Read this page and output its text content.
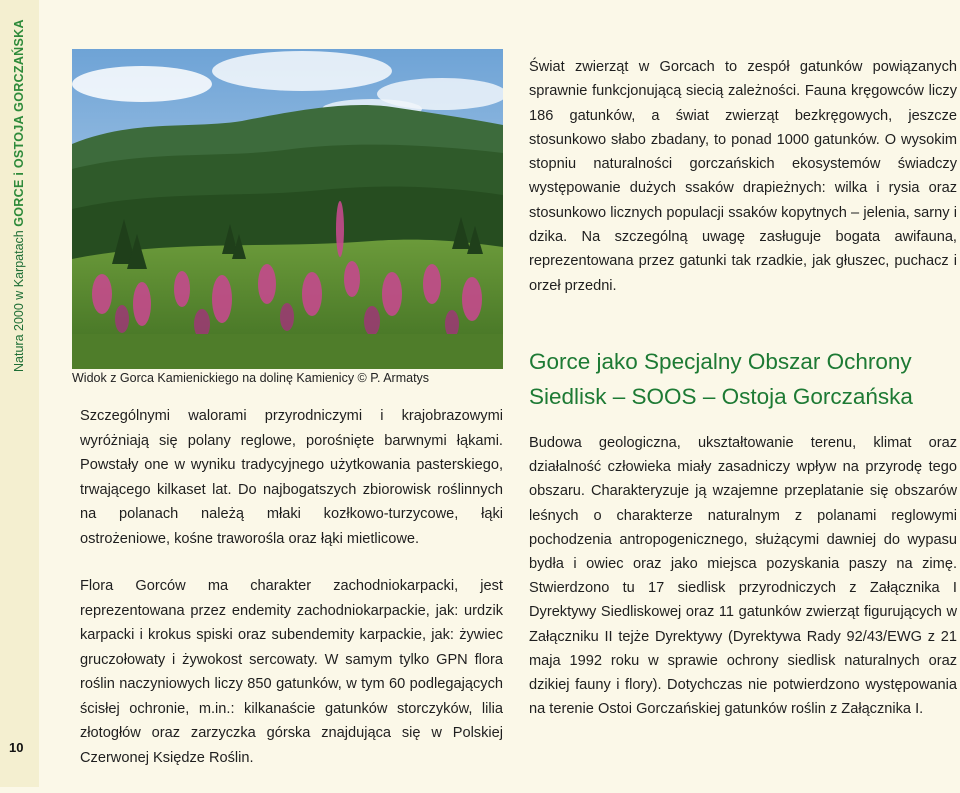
Natura 2000 w Karpatach GORCE i OSTOJA GORCZAŃSKA
10
Widok z Gorca Kamienickiego na dolinę Kamienicy © P. Armatys

Szczególnymi walorami przyrodniczymi i krajobrazowymi wyróżniają się polany reglowe, porośnięte barwnymi łąkami. Powstały one w wyniku tradycyjnego użytkowania pasterskiego, trwającego kilkaset lat. Do najbogatszych zbiorowisk roślinnych na polanach należą młaki kozłkowo-turzycowe, łąki ostrożeniowe, kośne traworośla oraz łąki mietlicowe.

Flora Gorców ma charakter zachodniokarpacki, jest reprezentowana przez endemity zachodniokarpackie, jak: urdzik karpacki i krokus spiski oraz subendemity karpackie, jak: żywiec gruczołowaty i żywokost sercowaty. W samym tylko GPN flora roślin naczyniowych liczy 850 gatunków, w tym 60 podlegających ścisłej ochronie, m.in.: kilkanaście gatunków storczyków, lilia złotogłów oraz zarzyczka górska znajdująca się w Polskiej Czerwonej Księdze Roślin.

Świat zwierząt w Gorcach to zespół gatunków powiązanych sprawnie funkcjonującą siecią zależności. Fauna kręgowców liczy 186 gatunków, a świat zwierząt bezkręgowych, jeszcze stosunkowo słabo zbadany, to ponad 1000 gatunków. O wysokim stopniu naturalności gorczańskich ekosystemów świadczy występowanie dużych ssaków drapieżnych: wilka i rysia oraz stosunkowo licznych populacji ssaków kopytnych – jelenia, sarny i dzika. Na szczególną uwagę zasługuje bogata awifauna, reprezentowana przez gatunki tak rzadkie, jak głuszec, puchacz i orzeł przedni.

Gorce jako Specjalny Obszar Ochrony Siedlisk – SOOS – Ostoja Gorczańska

Budowa geologiczna, ukształtowanie terenu, klimat oraz działalność człowieka miały zasadniczy wpływ na przyrodę tego obszaru. Charakteryzuje ją wzajemne przeplatanie się obszarów leśnych o charakterze naturalnym z polanami reglowymi pochodzenia antropogenicznego, służącymi dawniej do wypasu bydła i owiec oraz jako miejsca pozyskania paszy na zimę. Stwierdzono tu 17 siedlisk przyrodniczych z Załącznika I Dyrektywy Siedliskowej oraz 11 gatunków zwierząt figurujących w Załączniku II tejże Dyrektywy (Dyrektywa Rady 92/43/EWG z 21 maja 1992 roku w sprawie ochrony siedlisk naturalnych oraz dzikiej fauny i flory). Dotychczas nie potwierdzono występowania na terenie Ostoi Gorczańskiej gatunków roślin z Załącznika I.
